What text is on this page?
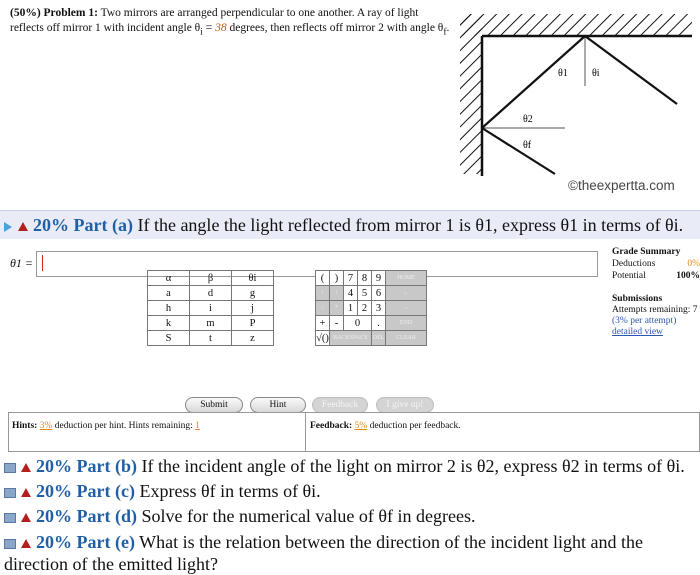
(50%) Problem 1: Two mirrors are arranged perpendicular to one another. A ray of light reflects off mirror 1 with incident angle $\theta_i = 38$ degrees, then reflects off mirror 2 with angle $\theta_f$.
θ1 θi
θ2
θf
©theexpertta.com
20% Part (a) If the angle the light reflected from mirror 1 is θ1, express θ1 in terms of θi.
θ1 =
Grade Summary
Deductions	0%
Potential	100%
Submissions
Attempts remaining: 7
(3% per attempt)
detailed view
α	β	θi
a	d	g
h	i	j
k	m	P
S	t	z
(	)	7	8	9	HOME
↑	↑	4	5	6	←
/	*	1	2	3	→
+	-	0		.	END
√()	BACKSPACE			DEL	CLEAR
Submit	Hint	Feedback	I give up!
Hints: 3% deduction per hint. Hints remaining: 1	Feedback: 5% deduction per feedback.
20% Part (b) If the incident angle of the light on mirror 2 is θ2, express θ2 in terms of θi.
20% Part (c) Express θf in terms of θi.
20% Part (d) Solve for the numerical value of θf in degrees.
20% Part (e) What is the relation between the direction of the incident light and the direction of the emitted light?
